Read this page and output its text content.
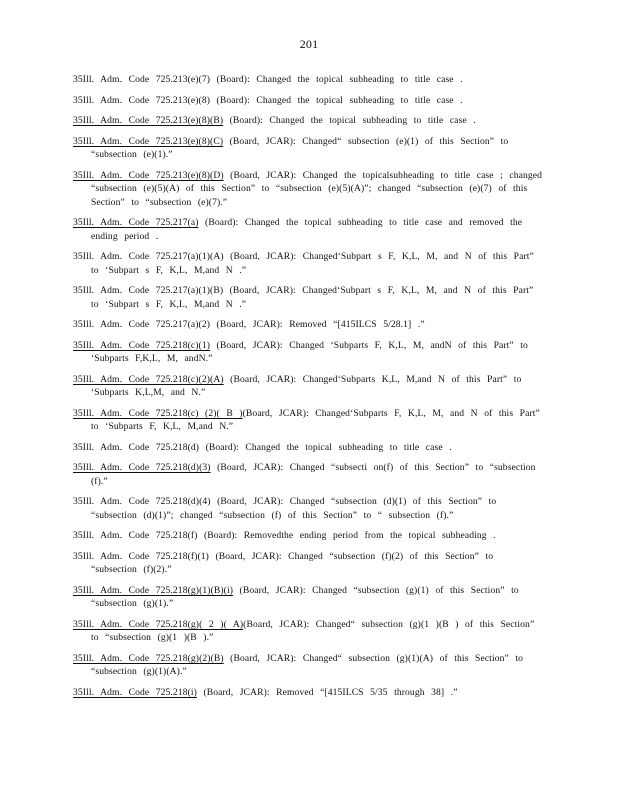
201

35Ill. Adm. Code 725.213(e)(7) (Board): Changed the topical subheading to title case .

35Ill. Adm. Code 725.213(e)(8) (Board): Changed the topical subheading to title case .

35Ill. Adm. Code 725.213(e)(8)(B) (Board): Changed the topical subheading to title case .

35Ill. Adm. Code 725.213(e)(8)(C) (Board, JCAR): Changed“ subsection (e)(1) of this Section” to “subsection (e)(1).”

35Ill. Adm. Code 725.213(e)(8)(D) (Board, JCAR): Changed the topicalsubheading to title case ; changed “subsection (e)(5)(A) of this Section” to “subsection (e)(5)(A)”; changed “subsection (e)(7) of this Section” to “subsection (e)(7).”

35Ill. Adm. Code 725.217(a) (Board): Changed the topical subheading to title case and removed the ending period .

35Ill. Adm. Code 725.217(a)(1)(A) (Board, JCAR): Changed‘Subpart s F, K,L, M, and N of this Part” to ‘Subpart s F, K,L, M,and N .”

35Ill. Adm. Code 725.217(a)(1)(B) (Board, JCAR): Changed‘Subpart s F, K,L, M, and N of this Part” to ‘Subpart s F, K,L, M,and N .”

35Ill. Adm. Code 725.217(a)(2) (Board, JCAR): Removed “[415ILCS 5/28.1] .”

35Ill. Adm. Code 725.218(c)(1) (Board, JCAR): Changed ‘Subparts F, K,L, M, andN of this Part” to ‘Subparts F,K,L, M, andN.”

35Ill. Adm. Code 725.218(c)(2)(A) (Board, JCAR): Changed‘Subparts K,L, M,and N of this Part” to ‘Subparts K,L,M, and N.”

35Ill. Adm. Code 725.218(c) (2)( B )(Board, JCAR): Changed‘Subparts F, K,L, M, and N of this Part” to ‘Subparts F, K,L, M,and N.”

35Ill. Adm. Code 725.218(d) (Board): Changed the topical subheading to title case .

35Ill. Adm. Code 725.218(d)(3) (Board, JCAR): Changed “subsecti on(f) of this Section” to “subsection (f).”

35Ill. Adm. Code 725.218(d)(4) (Board, JCAR): Changed “subsection (d)(1) of this Section” to “subsection (d)(1)”; changed “subsection (f) of this Section” to “ subsection (f).”

35Ill. Adm. Code 725.218(f) (Board): Removedthe ending period from the topical subheading .

35Ill. Adm. Code 725.218(f)(1) (Board, JCAR): Changed “subsection (f)(2) of this Section” to “subsection (f)(2).”

35Ill. Adm. Code 725.218(g)(1)(B)(i) (Board, JCAR): Changed “subsection (g)(1) of this Section” to “subsection (g)(1).”

35Ill. Adm. Code 725.218(g)( 2 )( A)(Board, JCAR): Changed“ subsection (g)(1 )(B ) of this Section” to “subsection (g)(1 )(B ).”

35Ill. Adm. Code 725.218(g)(2)(B) (Board, JCAR): Changed“ subsection (g)(1)(A) of this Section” to “subsection (g)(1)(A).”

35Ill. Adm. Code 725.218(i) (Board, JCAR): Removed “[415ILCS 5/35 through 38] .”
